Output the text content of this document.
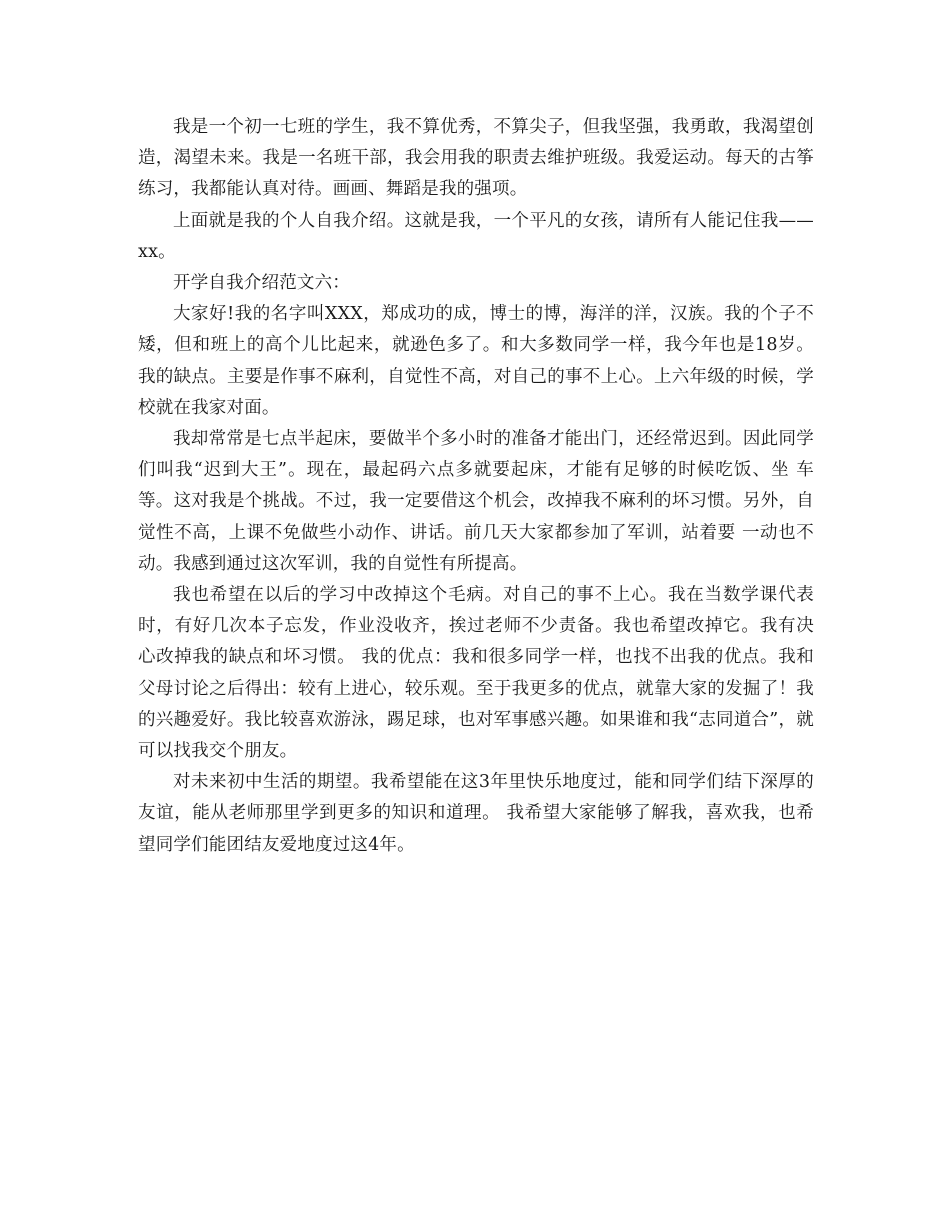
我是一个初一七班的学生，我不算优秀，不算尖子，但我坚强，我勇敢，我渴望创造，渴望未来。我是一名班干部，我会用我的职责去维护班级。我爱运动。每天的古筝练习，我都能认真对待。画画、舞蹈是我的强项。

上面就是我的个人自我介绍。这就是我，一个平凡的女孩，请所有人能记住我——xx。

开学自我介绍范文六：

大家好!我的名字叫XXX，郑成功的成，博士的博，海洋的洋，汉族。我的个子不矮，但和班上的高个儿比起来，就逊色多了。和大多数同学一样，我今年也是18岁。 我的缺点。主要是作事不麻利，自觉性不高，对自己的事不上心。上六年级的时候，学校就在我家对面。

我却常常是七点半起床，要做半个多小时的准备才能出门，还经常迟到。因此同学们叫我“迟到大王”。现在，最起码六点多就要起床，才能有足够的时候吃饭、坐 车等。这对我是个挑战。不过，我一定要借这个机会，改掉我不麻利的坏习惯。另外，自觉性不高，上课不免做些小动作、讲话。前几天大家都参加了军训，站着要 一动也不动。我感到通过这次军训，我的自觉性有所提高。

我也希望在以后的学习中改掉这个毛病。对自己的事不上心。我在当数学课代表时，有好几次本子忘发，作业没收齐，挨过老师不少责备。我也希望改掉它。我有决 心改掉我的缺点和坏习惯。 我的优点：我和很多同学一样，也找不出我的优点。我和父母讨论之后得出：较有上进心，较乐观。至于我更多的优点，就靠大家的发掘了！我的兴趣爱好。我比较喜欢游泳，踢足球，也对军事感兴趣。如果谁和我“志同道合”，就可以找我交个朋友。

对未来初中生活的期望。我希望能在这3年里快乐地度过，能和同学们结下深厚的友谊，能从老师那里学到更多的知识和道理。 我希望大家能够了解我，喜欢我，也希望同学们能团结友爱地度过这4年。
